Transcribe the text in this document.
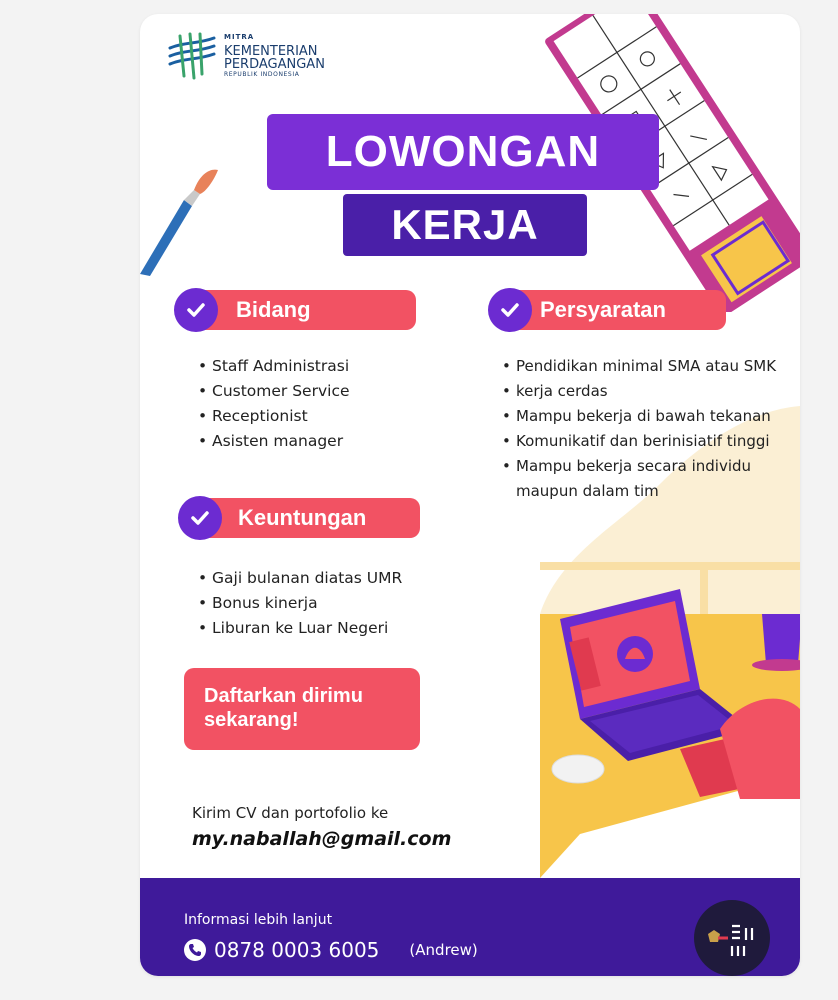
MITRA
KEMENTERIAN
PERDAGANGAN
REPUBLIK INDONESIA
LOWONGAN
KERJA
Bidang
• Staff Administrasi
• Customer Service
• Receptionist
• Asisten manager
Persyaratan
• Pendidikan minimal SMA atau SMK
• kerja cerdas
• Mampu bekerja di bawah tekanan
• Komunikatif dan berinisiatif tinggi
• Mampu bekerja secara individu maupun dalam tim
Keuntungan
• Gaji bulanan diatas UMR
• Bonus kinerja
• Liburan ke Luar Negeri
Daftarkan dirimu sekarang!
Kirim CV dan portofolio ke
my.naballah@gmail.com
Informasi lebih lanjut
0878 0003 6005 (Andrew)
